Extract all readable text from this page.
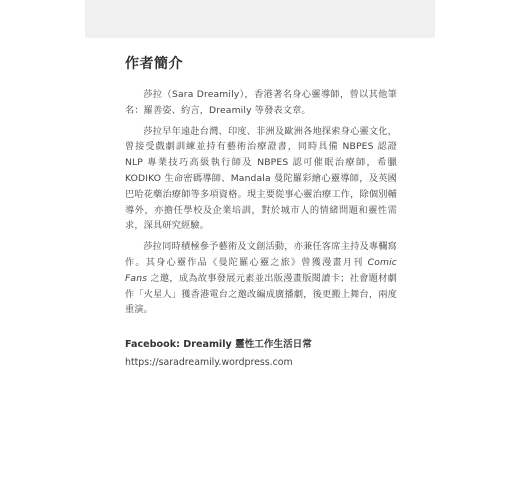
作者簡介

莎拉（Sara Dreamily），香港著名身心靈導師，曾以其他筆名：羅善姿、約言，Dreamily 等發表文章。

莎拉早年遠赴台灣、印度、非洲及歐洲各地探索身心靈文化，曾接受戲劇訓練並持有藝術治療證書，同時具備 NBPES 認證 NLP 專業技巧高級執行師及 NBPES 認可催眠治療師，希臘 KODIKO 生命密碼導師、Mandala 曼陀羅彩繪心靈導師，及英國巴哈花藥治療師等多項資格。現主要從事心靈治療工作，除個別輔導外，亦擔任學校及企業培訓，對於城市人的情緒問題和靈性需求，深具研究經驗。

莎拉同時積極參予藝術及文創活動，亦兼任客席主持及專欄寫作。其身心靈作品《曼陀羅心靈之旅》曾獲漫畫月刊 Comic Fans 之邀，成為故事發展元素並出版漫畫版閱讀卡；社會題材劇作「火星人」獲香港電台之邀改編成廣播劇，後更搬上舞台，兩度重演。

Facebook: Dreamily 靈性工作生活日常

https://saradreamily.wordpress.com
